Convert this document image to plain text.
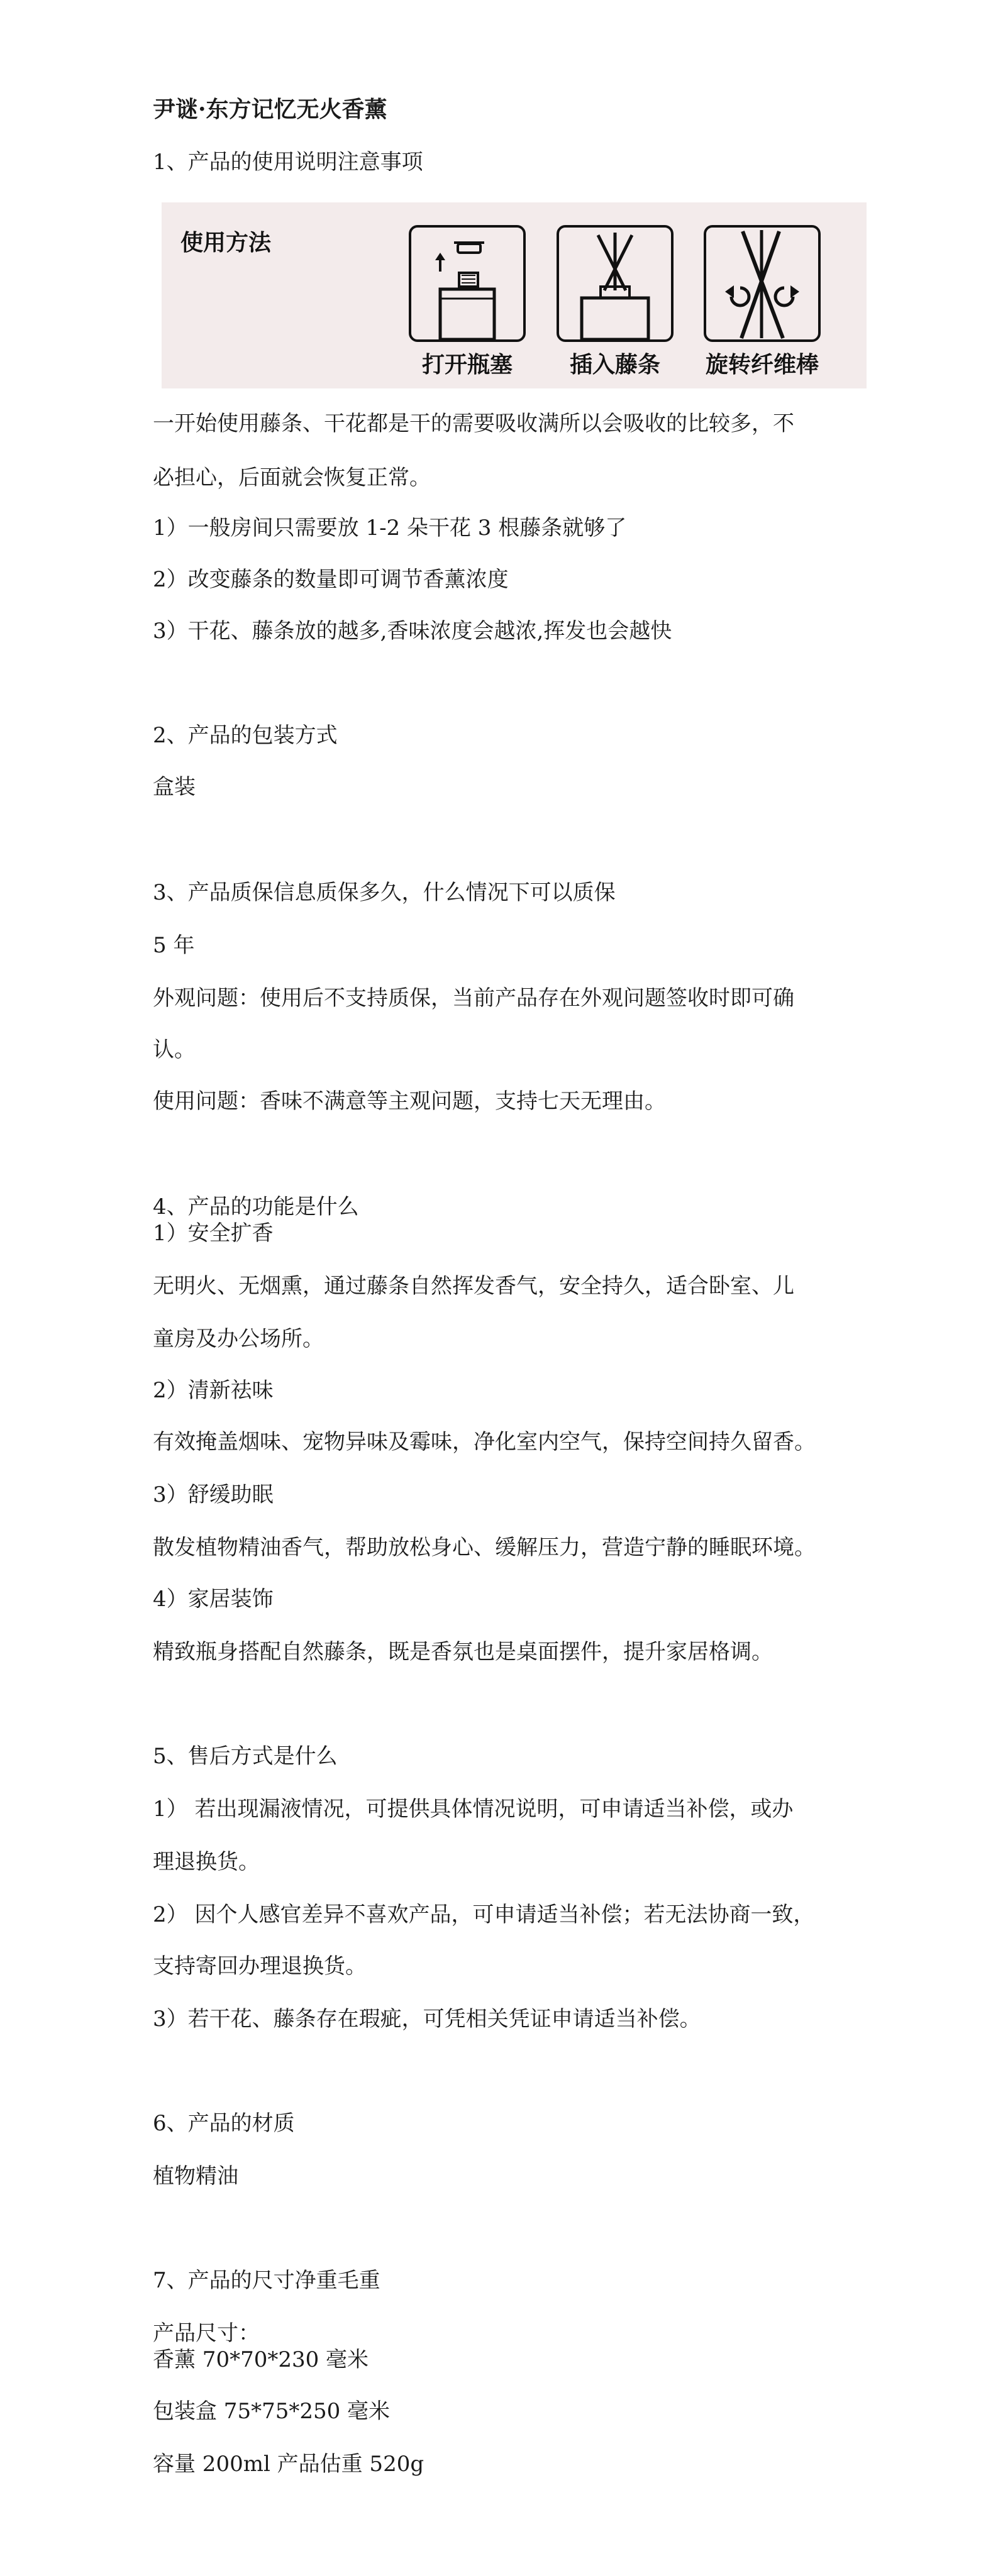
尹谜·东方记忆无火香薰

1、产品的使用说明注意事项

使用方法
打开瓶塞	插入藤条	旋转纤维棒

一开始使用藤条、干花都是干的需要吸收满所以会吸收的比较多，不

必担心，后面就会恢复正常。

1）一般房间只需要放 1-2 朵干花 3 根藤条就够了

2）改变藤条的数量即可调节香薰浓度

3）干花、藤条放的越多,香味浓度会越浓,挥发也会越快

2、产品的包装方式

盒装

3、产品质保信息质保多久，什么情况下可以质保

5 年

外观问题：使用后不支持质保，当前产品存在外观问题签收时即可确

认。

使用问题：香味不满意等主观问题，支持七天无理由。

4、产品的功能是什么

1）安全扩香

无明火、无烟熏，通过藤条自然挥发香气，安全持久，适合卧室、儿

童房及办公场所。

2）清新祛味

有效掩盖烟味、宠物异味及霉味，净化室内空气，保持空间持久留香。

3）舒缓助眠

散发植物精油香气，帮助放松身心、缓解压力，营造宁静的睡眠环境。

4）家居装饰

精致瓶身搭配自然藤条，既是香氛也是桌面摆件，提升家居格调。

5、售后方式是什么

1） 若出现漏液情况，可提供具体情况说明，可申请适当补偿，或办

理退换货。

2） 因个人感官差异不喜欢产品，可申请适当补偿；若无法协商一致，

支持寄回办理退换货。

3）若干花、藤条存在瑕疵，可凭相关凭证申请适当补偿。

6、产品的材质

植物精油

7、产品的尺寸净重毛重

产品尺寸：

香薰 70*70*230 毫米

包装盒 75*75*250 毫米

容量 200ml 产品估重 520g
